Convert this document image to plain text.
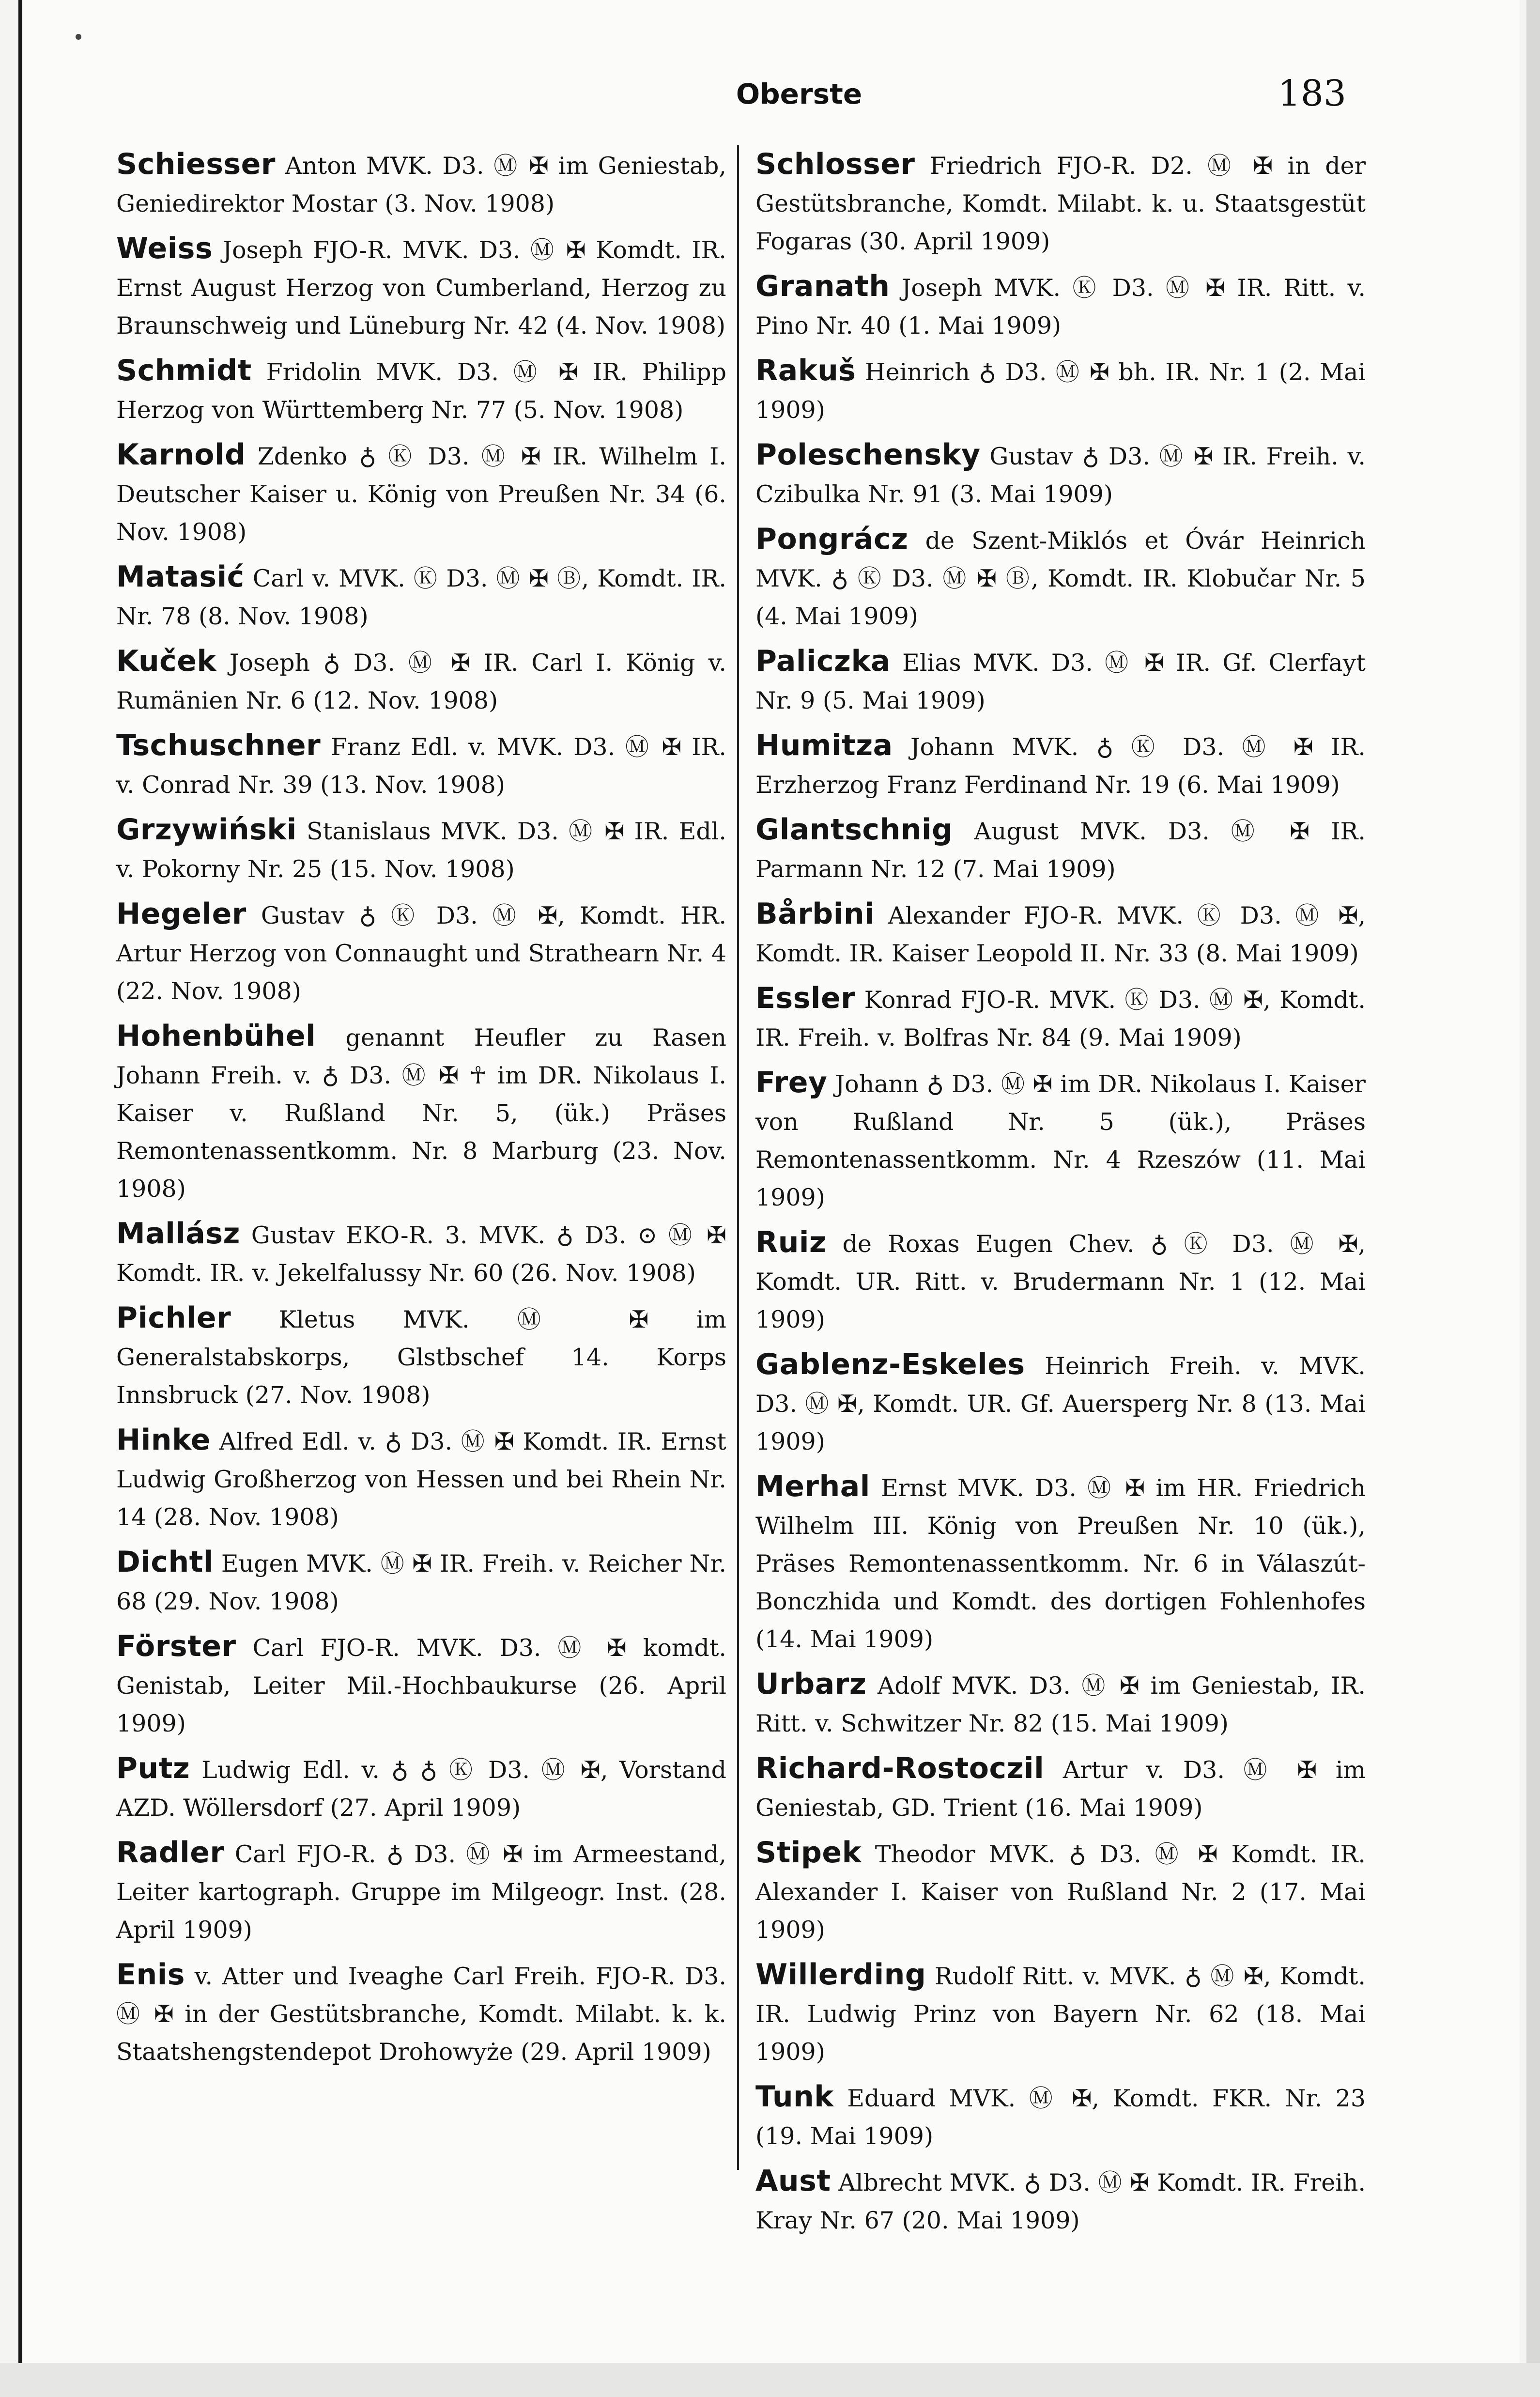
Oberste	183

Schiesser Anton MVK. D3. Ⓜ ✠ im Geniestab, Geniedirektor Mostar (3. Nov. 1908)

Weiss Joseph FJO-R. MVK. D3. Ⓜ ✠ Komdt. IR. Ernst August Herzog von Cumberland, Herzog zu Braunschweig und Lüneburg Nr. 42 (4. Nov. 1908)

Schmidt Fridolin MVK. D3. Ⓜ ✠ IR. Philipp Herzog von Württemberg Nr. 77 (5. Nov. 1908)

Karnold Zdenko ♁ Ⓚ D3. Ⓜ ✠ IR. Wilhelm I. Deutscher Kaiser u. König von Preußen Nr. 34 (6. Nov. 1908)

Matasić Carl v. MVK. Ⓚ D3. Ⓜ ✠ Ⓑ, Komdt. IR. Nr. 78 (8. Nov. 1908)

Kuček Joseph ♁ D3. Ⓜ ✠ IR. Carl I. König v. Rumänien Nr. 6 (12. Nov. 1908)

Tschuschner Franz Edl. v. MVK. D3. Ⓜ ✠ IR. v. Conrad Nr. 39 (13. Nov. 1908)

Grzywiński Stanislaus MVK. D3. Ⓜ ✠ IR. Edl. v. Pokorny Nr. 25 (15. Nov. 1908)

Hegeler Gustav ♁ Ⓚ D3. Ⓜ ✠, Komdt. HR. Artur Herzog von Connaught und Strathearn Nr. 4 (22. Nov. 1908)

Hohenbühel genannt Heufler zu Rasen Johann Freih. v. ♁ D3. Ⓜ ✠ ☥ im DR. Nikolaus I. Kaiser v. Rußland Nr. 5, (ük.) Präses Remontenassentkomm. Nr. 8 Marburg (23. Nov. 1908)

Mallász Gustav EKO-R. 3. MVK. ♁ D3. ⊙ Ⓜ ✠ Komdt. IR. v. Jekelfalussy Nr. 60 (26. Nov. 1908)

Pichler Kletus MVK. Ⓜ ✠ im Generalstabskorps, Glstbschef 14. Korps Innsbruck (27. Nov. 1908)

Hinke Alfred Edl. v. ♁ D3. Ⓜ ✠ Komdt. IR. Ernst Ludwig Großherzog von Hessen und bei Rhein Nr. 14 (28. Nov. 1908)

Dichtl Eugen MVK. Ⓜ ✠ IR. Freih. v. Reicher Nr. 68 (29. Nov. 1908)

Förster Carl FJO-R. MVK. D3. Ⓜ ✠ komdt. Genistab, Leiter Mil.-Hochbaukurse (26. April 1909)

Putz Ludwig Edl. v. ♁ ♁ Ⓚ D3. Ⓜ ✠, Vorstand AZD. Wöllersdorf (27. April 1909)

Radler Carl FJO-R. ♁ D3. Ⓜ ✠ im Armeestand, Leiter kartograph. Gruppe im Milgeogr. Inst. (28. April 1909)

Enis v. Atter und Iveaghe Carl Freih. FJO-R. D3. Ⓜ ✠ in der Gestütsbranche, Komdt. Milabt. k. k. Staatshengstendepot Drohowyże (29. April 1909)

Schlosser Friedrich FJO-R. D2. Ⓜ ✠ in der Gestütsbranche, Komdt. Milabt. k. u. Staatsgestüt Fogaras (30. April 1909)

Granath Joseph MVK. Ⓚ D3. Ⓜ ✠ IR. Ritt. v. Pino Nr. 40 (1. Mai 1909)

Rakuš Heinrich ♁ D3. Ⓜ ✠ bh. IR. Nr. 1 (2. Mai 1909)

Poleschensky Gustav ♁ D3. Ⓜ ✠ IR. Freih. v. Czibulka Nr. 91 (3. Mai 1909)

Pongrácz de Szent-Miklós et Óvár Heinrich MVK. ♁ Ⓚ D3. Ⓜ ✠ Ⓑ, Komdt. IR. Klobučar Nr. 5 (4. Mai 1909)

Paliczka Elias MVK. D3. Ⓜ ✠ IR. Gf. Clerfayt Nr. 9 (5. Mai 1909)

Humitza Johann MVK. ♁ Ⓚ D3. Ⓜ ✠ IR. Erzherzog Franz Ferdinand Nr. 19 (6. Mai 1909)

Glantschnig August MVK. D3. Ⓜ ✠ IR. Parmann Nr. 12 (7. Mai 1909)

Bårbini Alexander FJO-R. MVK. Ⓚ D3. Ⓜ ✠, Komdt. IR. Kaiser Leopold II. Nr. 33 (8. Mai 1909)

Essler Konrad FJO-R. MVK. Ⓚ D3. Ⓜ ✠, Komdt. IR. Freih. v. Bolfras Nr. 84 (9. Mai 1909)

Frey Johann ♁ D3. Ⓜ ✠ im DR. Nikolaus I. Kaiser von Rußland Nr. 5 (ük.), Präses Remontenassentkomm. Nr. 4 Rzeszów (11. Mai 1909)

Ruiz de Roxas Eugen Chev. ♁ Ⓚ D3. Ⓜ ✠, Komdt. UR. Ritt. v. Brudermann Nr. 1 (12. Mai 1909)

Gablenz-Eskeles Heinrich Freih. v. MVK. D3. Ⓜ ✠, Komdt. UR. Gf. Auersperg Nr. 8 (13. Mai 1909)

Merhal Ernst MVK. D3. Ⓜ ✠ im HR. Friedrich Wilhelm III. König von Preußen Nr. 10 (ük.), Präses Remontenassentkomm. Nr. 6 in Válaszút-Bonczhida und Komdt. des dortigen Fohlenhofes (14. Mai 1909)

Urbarz Adolf MVK. D3. Ⓜ ✠ im Geniestab, IR. Ritt. v. Schwitzer Nr. 82 (15. Mai 1909)

Richard-Rostoczil Artur v. D3. Ⓜ ✠ im Geniestab, GD. Trient (16. Mai 1909)

Stipek Theodor MVK. ♁ D3. Ⓜ ✠ Komdt. IR. Alexander I. Kaiser von Rußland Nr. 2 (17. Mai 1909)

Willerding Rudolf Ritt. v. MVK. ♁ Ⓜ ✠, Komdt. IR. Ludwig Prinz von Bayern Nr. 62 (18. Mai 1909)

Tunk Eduard MVK. Ⓜ ✠, Komdt. FKR. Nr. 23 (19. Mai 1909)

Aust Albrecht MVK. ♁ D3. Ⓜ ✠ Komdt. IR. Freih. Kray Nr. 67 (20. Mai 1909)
